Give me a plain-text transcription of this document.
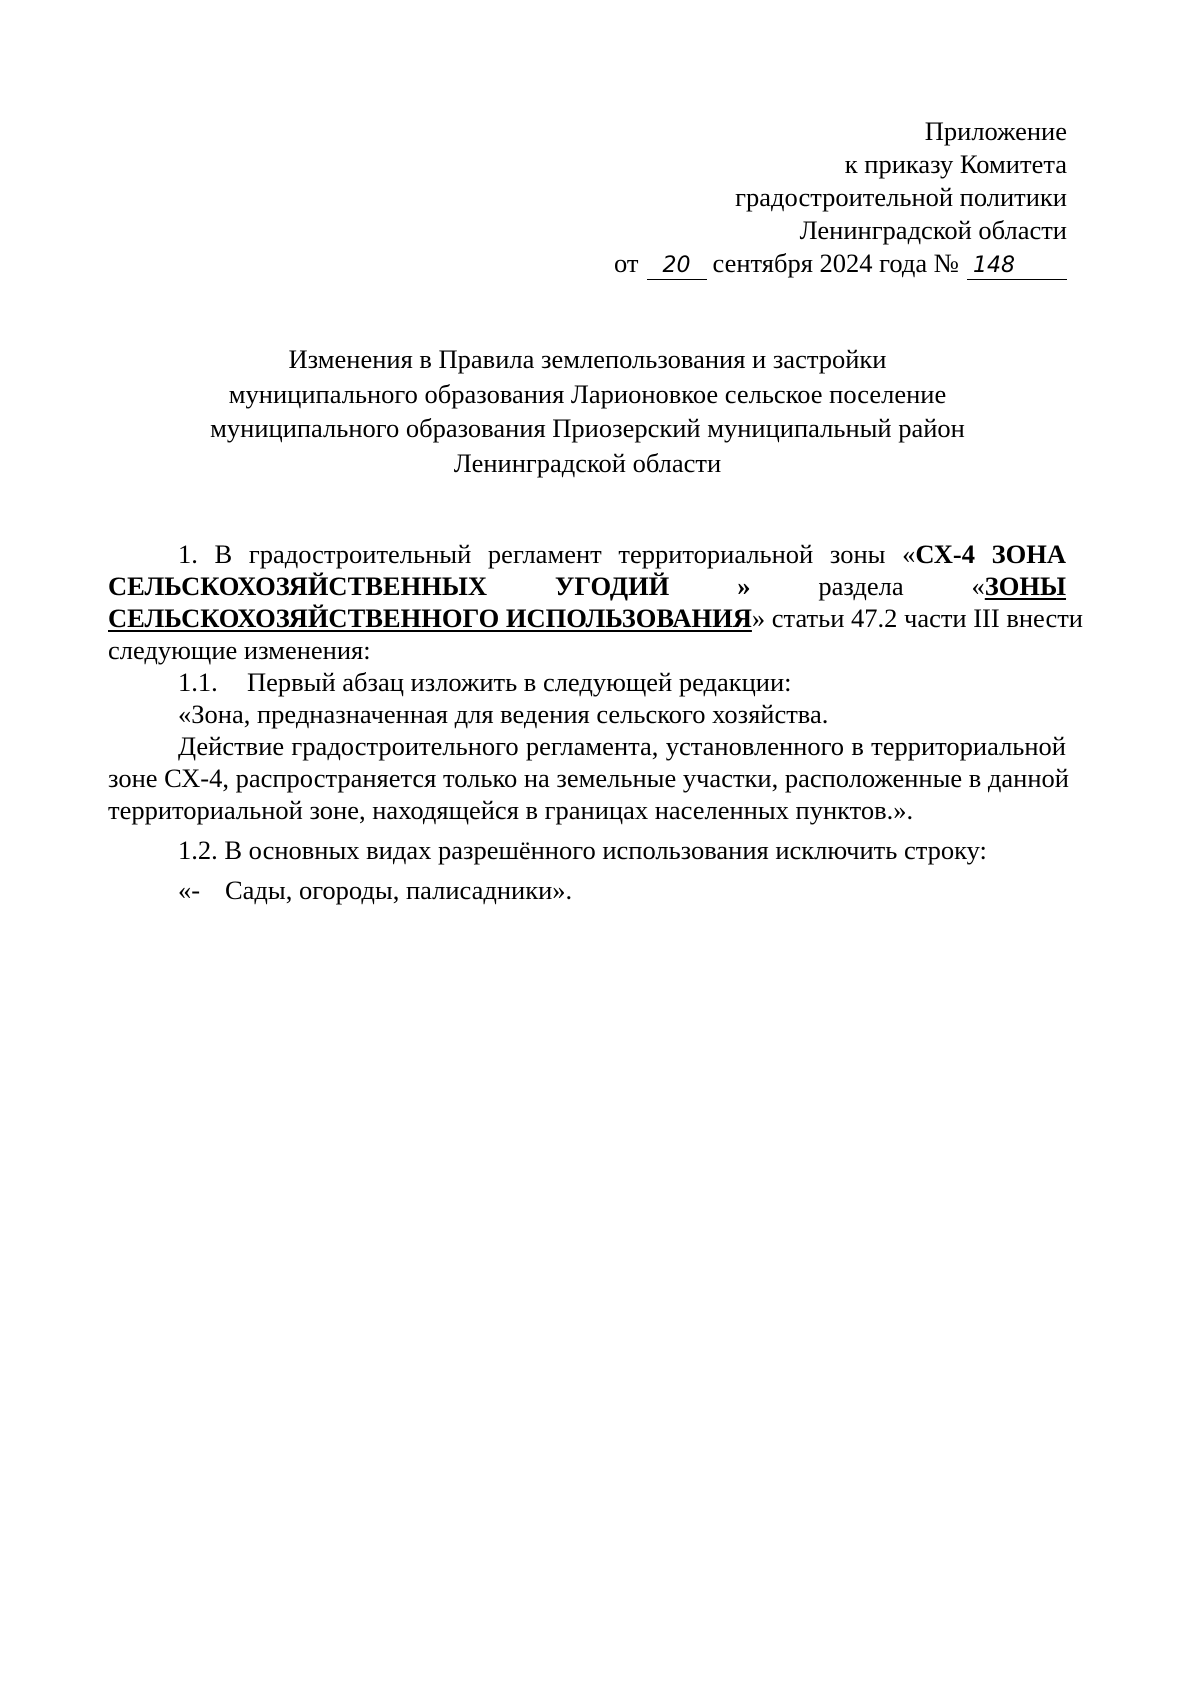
Приложение
к приказу Комитета
градостроительной политики
Ленинградской области
от 20 сентября 2024 года № 148
Изменения в Правила землепользования и застройки
муниципального образования Ларионовкое сельское поселение
муниципального образования Приозерский муниципальный район
Ленинградской области
1. В градостроительный регламент территориальной зоны «СХ-4 ЗОНА
СЕЛЬСКОХОЗЯЙСТВЕННЫХ УГОДИЙ	»	раздела	«ЗОНЫ
СЕЛЬСКОХОЗЯЙСТВЕННОГО ИСПОЛЬЗОВАНИЯ» статьи 47.2 части III внести
следующие изменения:
1.1. Первый абзац изложить в следующей редакции:
«Зона, предназначенная для ведения сельского хозяйства.
Действие градостроительного регламента, установленного в территориальной
зоне СХ-4, распространяется только на земельные участки, расположенные в данной
территориальной зоне, находящейся в границах населенных пунктов.».
1.2. В основных видах разрешённого использования исключить строку:
«- Сады, огороды, палисадники».
